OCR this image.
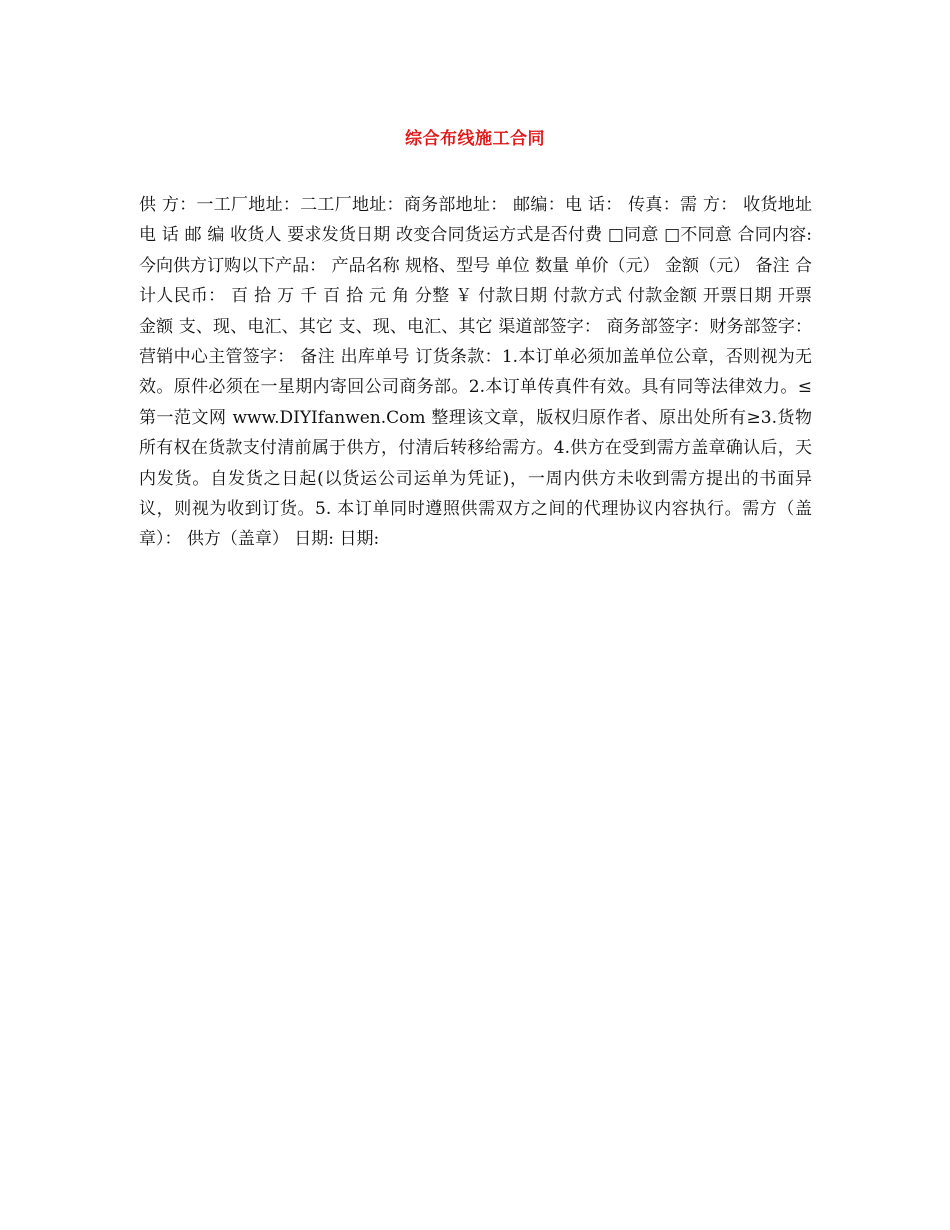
综合布线施工合同
供 方：一工厂地址：二工厂地址：商务部地址： 邮编：电 话： 传真：需 方： 收货地址 电 话 邮 编 收货人 要求发货日期 改变合同货运方式是否付费 □同意 □不同意 合同内容:今向供方订购以下产品： 产品名称 规格、型号 单位 数量 单价（元） 金额（元） 备注 合计人民币： 百 拾 万 千 百 拾 元 角 分整 ￥ 付款日期 付款方式 付款金额 开票日期 开票金额 支、现、电汇、其它 支、现、电汇、其它 渠道部签字： 商务部签字：财务部签字： 营销中心主管签字： 备注 出库单号 订货条款：1.本订单必须加盖单位公章，否则视为无效。原件必须在一星期内寄回公司商务部。2.本订单传真件有效。具有同等法律效力。≤第一范文网 www.DIYIfanwen.Com 整理该文章，版权归原作者、原出处所有≥3.货物所有权在货款支付清前属于供方，付清后转移给需方。4.供方在受到需方盖章确认后，天内发货。自发货之日起(以货运公司运单为凭证)，一周内供方未收到需方提出的书面异议，则视为收到订货。5. 本订单同时遵照供需双方之间的代理协议内容执行。需方（盖章）： 供方（盖章） 日期: 日期:
